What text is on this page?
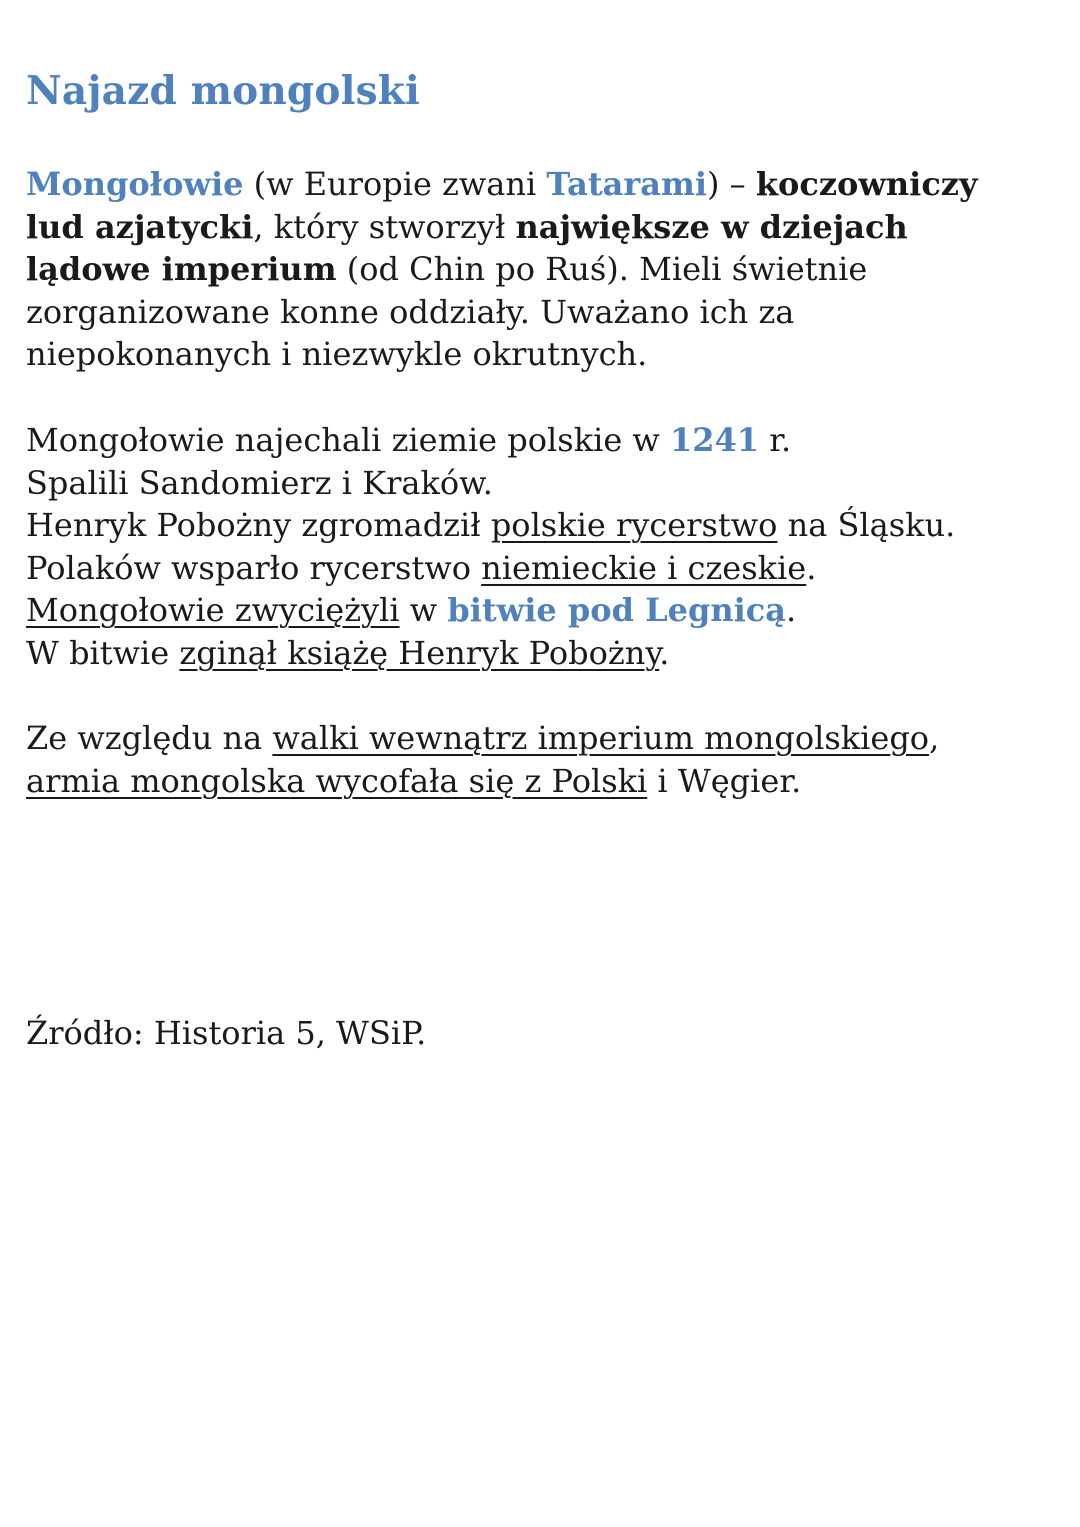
Najazd mongolski

Mongołowie (w Europie zwani Tatarami) – koczowniczy
lud azjatycki, który stworzył największe w dziejach
lądowe imperium (od Chin po Ruś). Mieli świetnie
zorganizowane konne oddziały. Uważano ich za
niepokonanych i niezwykle okrutnych.

Mongołowie najechali ziemie polskie w 1241 r.
Spalili Sandomierz i Kraków.
Henryk Pobożny zgromadził polskie rycerstwo na Śląsku.
Polaków wsparło rycerstwo niemieckie i czeskie.
Mongołowie zwyciężyli w bitwie pod Legnicą.
W bitwie zginął książę Henryk Pobożny.

Ze względu na walki wewnątrz imperium mongolskiego,
armia mongolska wycofała się z Polski i Węgier.

Źródło: Historia 5, WSiP.
